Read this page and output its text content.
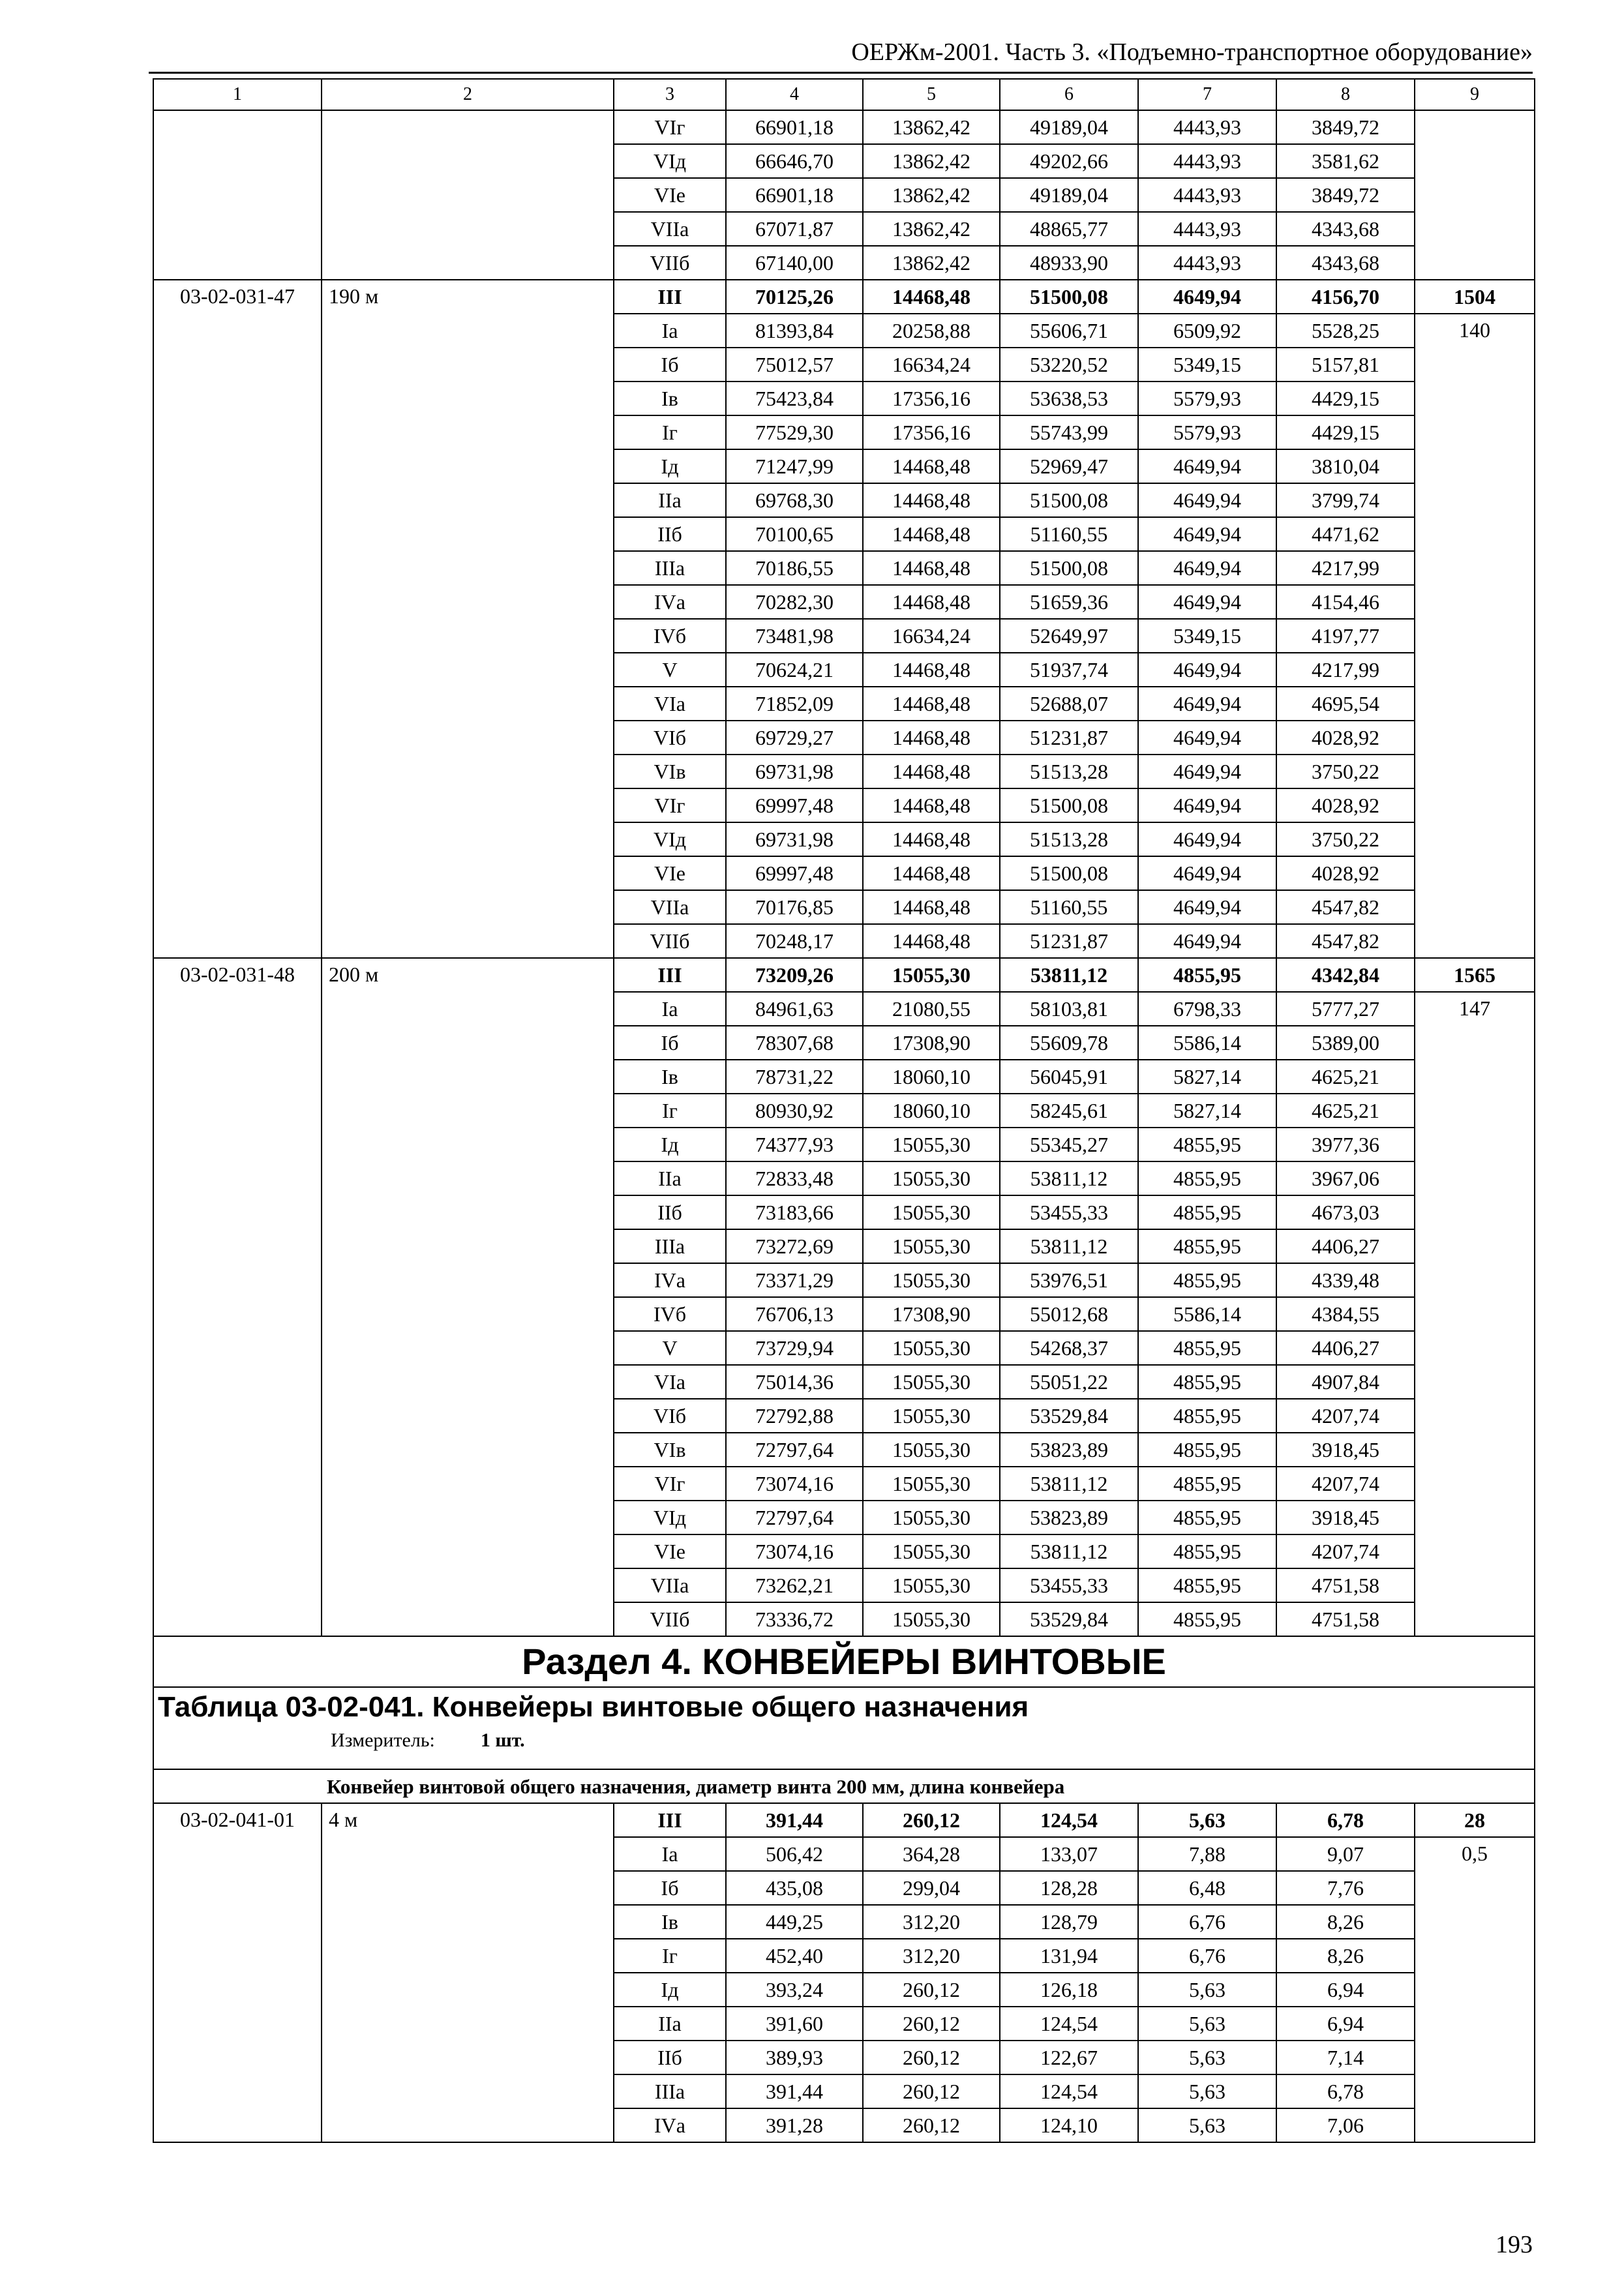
ОЕРЖм-2001. Часть 3. «Подъемно-транспортное оборудование»
1	2	3	4	5	6	7	8	9
		VIг	66901,18	13862,42	49189,04	4443,93	3849,72	
		VIд	66646,70	13862,42	49202,66	4443,93	3581,62	
		VIе	66901,18	13862,42	49189,04	4443,93	3849,72	
		VIIа	67071,87	13862,42	48865,77	4443,93	4343,68	
		VIIб	67140,00	13862,42	48933,90	4443,93	4343,68	
03-02-031-47	190 м	III	70125,26	14468,48	51500,08	4649,94	4156,70	1504
		Iа	81393,84	20258,88	55606,71	6509,92	5528,25	140
		Iб	75012,57	16634,24	53220,52	5349,15	5157,81	
		Iв	75423,84	17356,16	53638,53	5579,93	4429,15	
		Iг	77529,30	17356,16	55743,99	5579,93	4429,15	
		Iд	71247,99	14468,48	52969,47	4649,94	3810,04	
		IIа	69768,30	14468,48	51500,08	4649,94	3799,74	
		IIб	70100,65	14468,48	51160,55	4649,94	4471,62	
		IIIа	70186,55	14468,48	51500,08	4649,94	4217,99	
		IVа	70282,30	14468,48	51659,36	4649,94	4154,46	
		IVб	73481,98	16634,24	52649,97	5349,15	4197,77	
		V	70624,21	14468,48	51937,74	4649,94	4217,99	
		VIа	71852,09	14468,48	52688,07	4649,94	4695,54	
		VIб	69729,27	14468,48	51231,87	4649,94	4028,92	
		VIв	69731,98	14468,48	51513,28	4649,94	3750,22	
		VIг	69997,48	14468,48	51500,08	4649,94	4028,92	
		VIд	69731,98	14468,48	51513,28	4649,94	3750,22	
		VIе	69997,48	14468,48	51500,08	4649,94	4028,92	
		VIIа	70176,85	14468,48	51160,55	4649,94	4547,82	
		VIIб	70248,17	14468,48	51231,87	4649,94	4547,82	
03-02-031-48	200 м	III	73209,26	15055,30	53811,12	4855,95	4342,84	1565
		Iа	84961,63	21080,55	58103,81	6798,33	5777,27	147
		Iб	78307,68	17308,90	55609,78	5586,14	5389,00	
		Iв	78731,22	18060,10	56045,91	5827,14	4625,21	
		Iг	80930,92	18060,10	58245,61	5827,14	4625,21	
		Iд	74377,93	15055,30	55345,27	4855,95	3977,36	
		IIа	72833,48	15055,30	53811,12	4855,95	3967,06	
		IIб	73183,66	15055,30	53455,33	4855,95	4673,03	
		IIIа	73272,69	15055,30	53811,12	4855,95	4406,27	
		IVа	73371,29	15055,30	53976,51	4855,95	4339,48	
		IVб	76706,13	17308,90	55012,68	5586,14	4384,55	
		V	73729,94	15055,30	54268,37	4855,95	4406,27	
		VIа	75014,36	15055,30	55051,22	4855,95	4907,84	
		VIб	72792,88	15055,30	53529,84	4855,95	4207,74	
		VIв	72797,64	15055,30	53823,89	4855,95	3918,45	
		VIг	73074,16	15055,30	53811,12	4855,95	4207,74	
		VIд	72797,64	15055,30	53823,89	4855,95	3918,45	
		VIе	73074,16	15055,30	53811,12	4855,95	4207,74	
		VIIа	73262,21	15055,30	53455,33	4855,95	4751,58	
		VIIб	73336,72	15055,30	53529,84	4855,95	4751,58	
Раздел 4. КОНВЕЙЕРЫ ВИНТОВЫЕ								

Таблица 03-02-041. Конвейеры винтовые общего назначения
Измеритель: 1 шт.								

Конвейер винтовой общего назначения, диаметр винта 200 мм, длина конвейера								
03-02-041-01	4 м	III	391,44	260,12	124,54	5,63	6,78	28
		Iа	506,42	364,28	133,07	7,88	9,07	0,5
		Iб	435,08	299,04	128,28	6,48	7,76	
		Iв	449,25	312,20	128,79	6,76	8,26	
		Iг	452,40	312,20	131,94	6,76	8,26	
		Iд	393,24	260,12	126,18	5,63	6,94	
		IIа	391,60	260,12	124,54	5,63	6,94	
		IIб	389,93	260,12	122,67	5,63	7,14	
		IIIа	391,44	260,12	124,54	5,63	6,78	
		IVа	391,28	260,12	124,10	5,63	7,06	
193
